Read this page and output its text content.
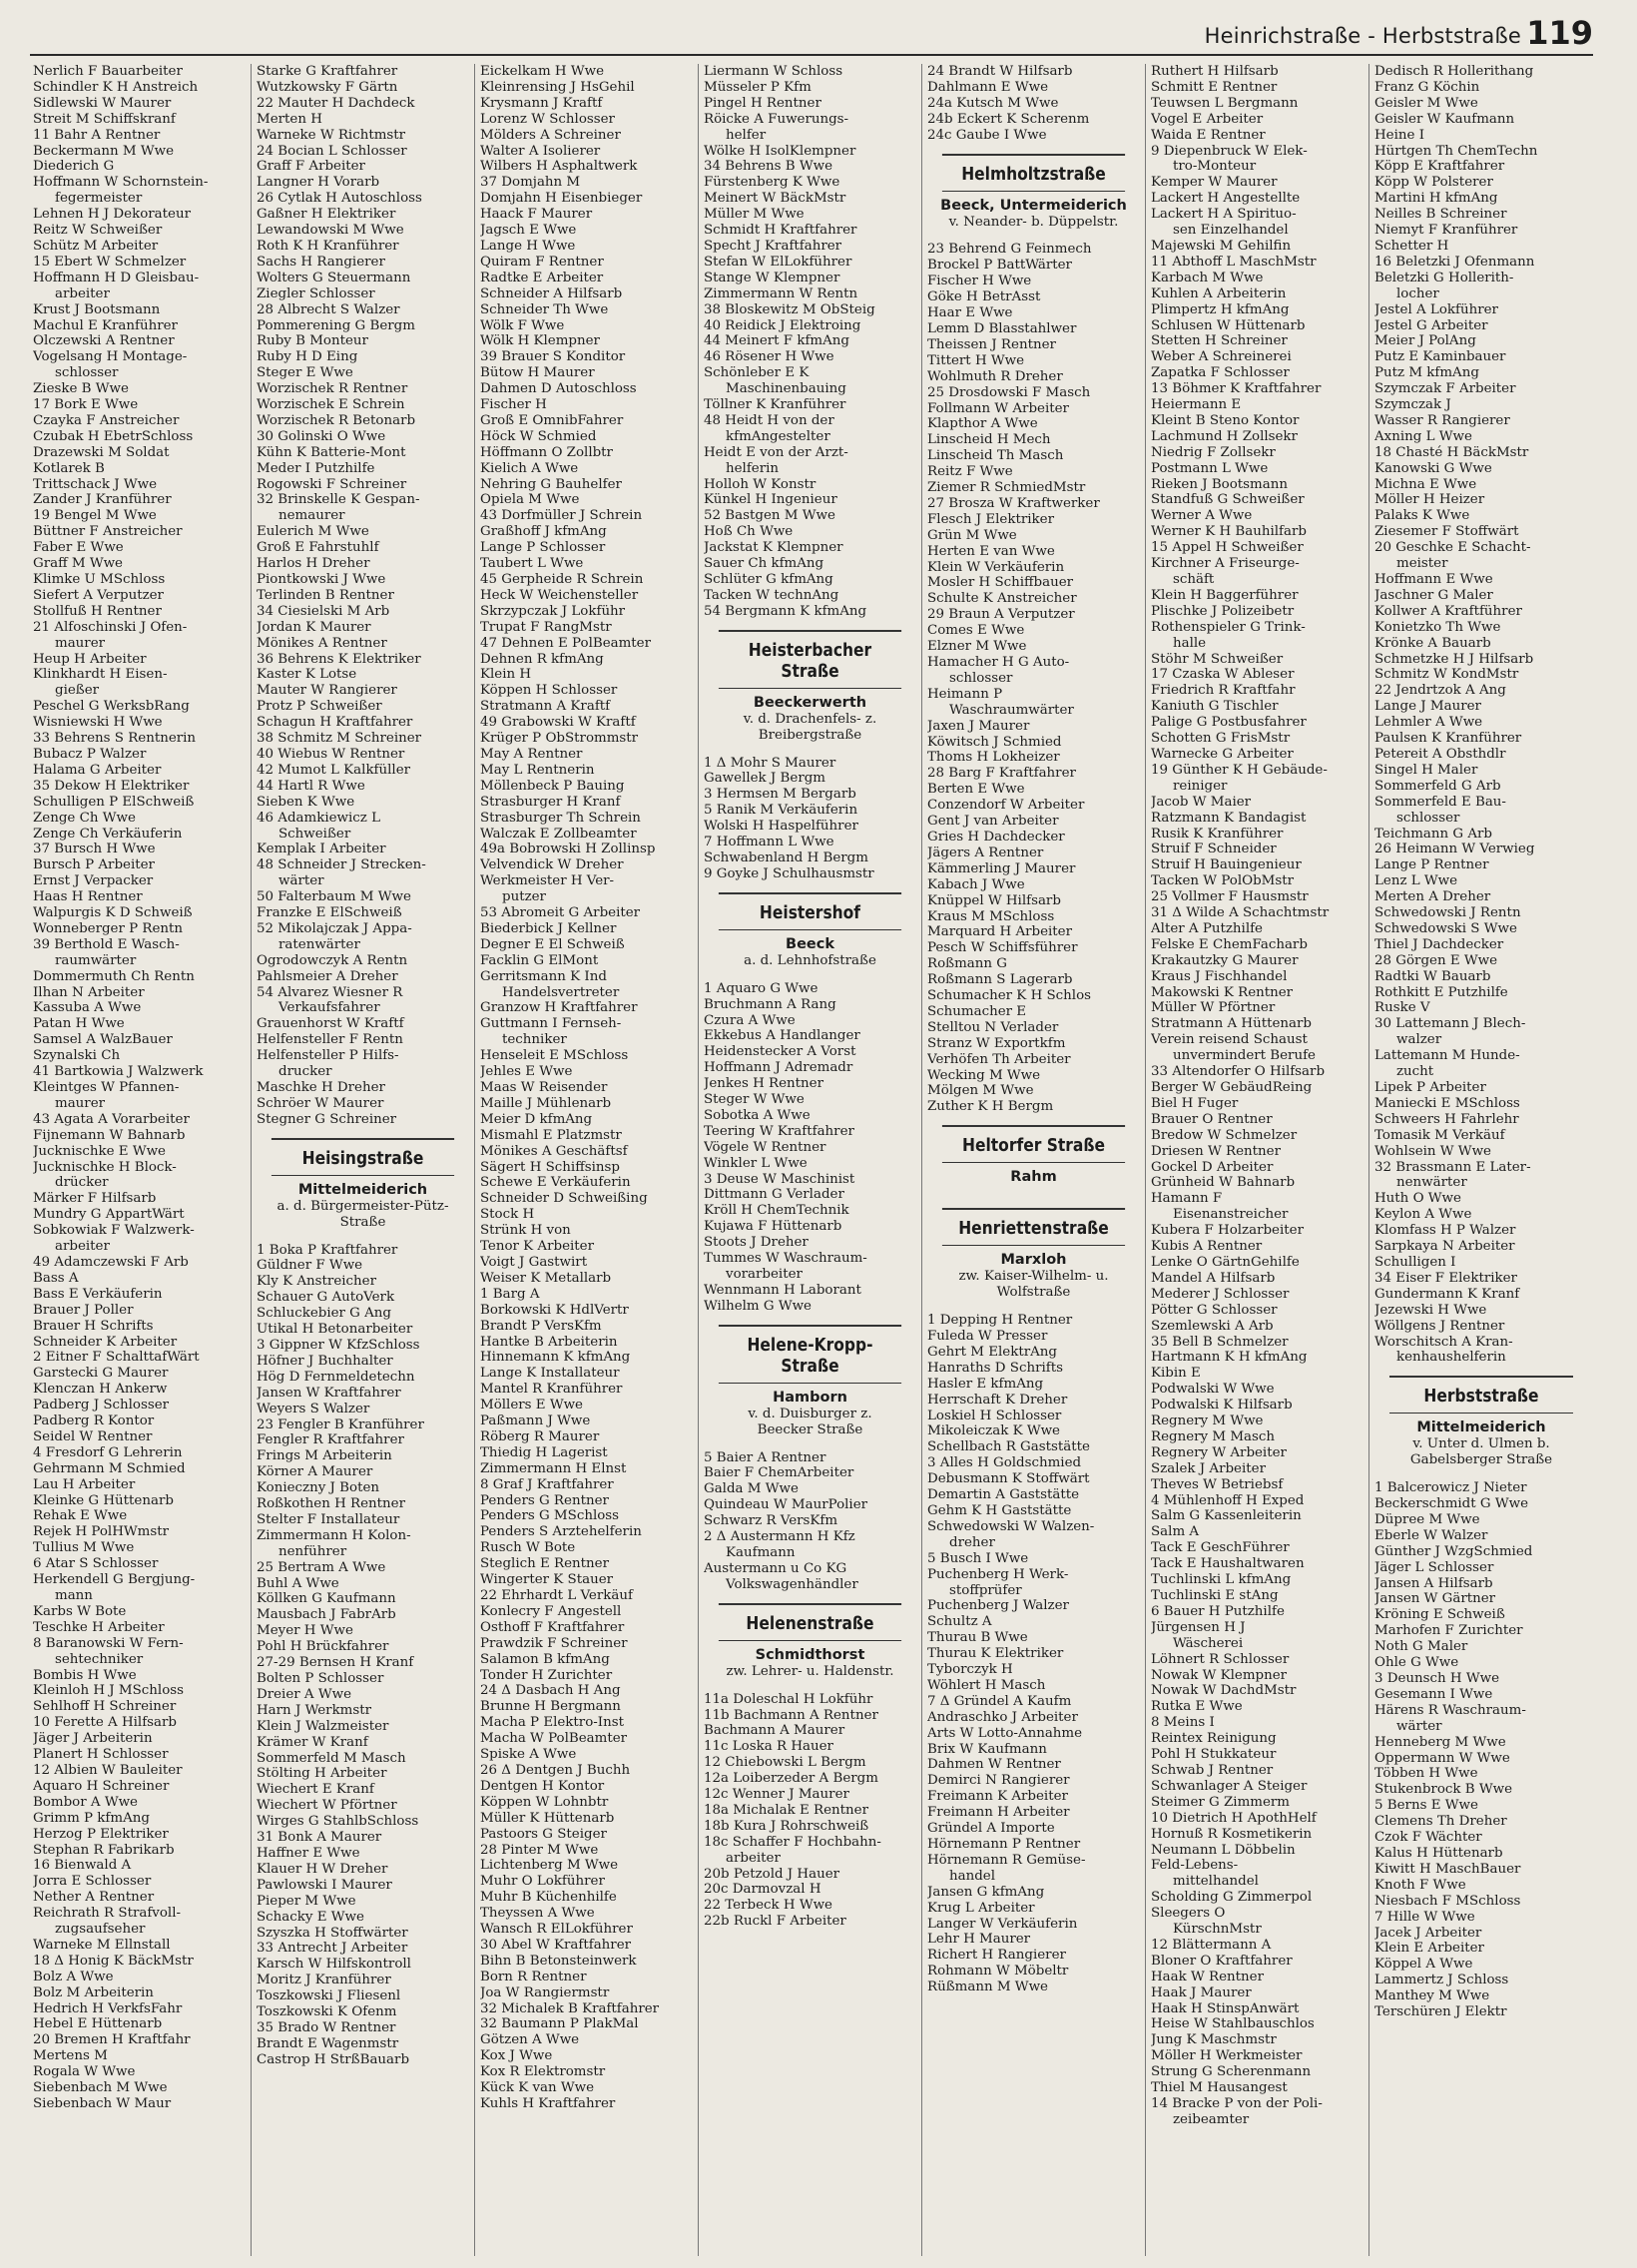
Heinrichstraße - Herbststraße 119
Nerlich F Bauarbeiter
Schindler K H Anstreich
Sidlewski W Maurer
Streit M Schiffskranf
11 Bahr A Rentner
Beckermann M Wwe
Diederich G
Hoffmann W Schornstein-
fegermeister
Lehnen H J Dekorateur
Reitz W Schweißer
Schütz M Arbeiter
15 Ebert W Schmelzer
Hoffmann H D Gleisbau-
arbeiter
Krust J Bootsmann
Machul E Kranführer
Olczewski A Rentner
Vogelsang H Montage-
schlosser
Zieske B Wwe
17 Bork E Wwe
Czayka F Anstreicher
Czubak H EbetrSchloss
Drazewski M Soldat
Kotlarek B
Trittschack J Wwe
Zander J Kranführer
19 Bengel M Wwe
Büttner F Anstreicher
Faber E Wwe
Graff M Wwe
Klimke U MSchloss
Siefert A Verputzer
Stollfuß H Rentner
21 Alfoschinski J Ofen-
maurer
Heup H Arbeiter
Klinkhardt H Eisen-
gießer
Peschel G WerksbRang
Wisniewski H Wwe
33 Behrens S Rentnerin
Bubacz P Walzer
Halama G Arbeiter
35 Dekow H Elektriker
Schulligen P ElSchweiß
Zenge Ch Wwe
Zenge Ch Verkäuferin
37 Bursch H Wwe
Bursch P Arbeiter
Ernst J Verpacker
Haas H Rentner
Walpurgis K D Schweiß
Wonneberger P Rentn
39 Berthold E Wasch-
raumwärter
Dommermuth Ch Rentn
Ilhan N Arbeiter
Kassuba A Wwe
Patan H Wwe
Samsel A WalzBauer
Szynalski Ch
41 Bartkowia J Walzwerk
Kleintges W Pfannen-
maurer
43 Agata A Vorarbeiter
Fijnemann W Bahnarb
Jucknischke E Wwe
Jucknischke H Block-
drücker
Märker F Hilfsarb
Mundry G AppartWärt
Sobkowiak F Walzwerk-
arbeiter
49 Adamczewski F Arb
Bass A
Bass E Verkäuferin
Brauer J Poller
Brauer H Schrifts
Schneider K Arbeiter
2 Eitner F SchalttafWärt
Garstecki G Maurer
Klenczan H Ankerw
Padberg J Schlosser
Padberg R Kontor
Seidel W Rentner
4 Fresdorf G Lehrerin
Gehrmann M Schmied
Lau H Arbeiter
Kleinke G Hüttenarb
Rehak E Wwe
Rejek H PolHWmstr
Tullius M Wwe
6 Atar S Schlosser
Herkendell G Bergjung-
mann
Karbs W Bote
Teschke H Arbeiter
8 Baranowski W Fern-
sehtechniker
Bombis H Wwe
Kleinloh H J MSchloss
Sehlhoff H Schreiner
10 Ferette A Hilfsarb
Jäger J Arbeiterin
Planert H Schlosser
12 Albien W Bauleiter
Aquaro H Schreiner
Bombor A Wwe
Grimm P kfmAng
Herzog P Elektriker
Stephan R Fabrikarb
16 Bienwald A
Jorra E Schlosser
Nether A Rentner
Reichrath R Strafvoll-
zugsaufseher
Warneke M Ellnstall
18 Δ Honig K BäckMstr
Bolz A Wwe
Bolz M Arbeiterin
Hedrich H VerkfsFahr
Hebel E Hüttenarb
20 Bremen H Kraftfahr
Mertens M
Rogala W Wwe
Siebenbach M Wwe
Siebenbach W Maur
Starke G Kraftfahrer
Wutzkowsky F Gärtn
22 Mauter H Dachdeck
Merten H
Warneke W Richtmstr
24 Bocian L Schlosser
Graff F Arbeiter
Langner H Vorarb
26 Cytlak H Autoschloss
Gaßner H Elektriker
Lewandowski M Wwe
Roth K H Kranführer
Sachs H Rangierer
Wolters G Steuermann
Ziegler Schlosser
28 Albrecht S Walzer
Pommerening G Bergm
Ruby B Monteur
Ruby H D Eing
Steger E Wwe
Worzischek R Rentner
Worzischek E Schrein
Worzischek R Betonarb
30 Golinski O Wwe
Kühn K Batterie-Mont
Meder I Putzhilfe
Rogowski F Schreiner
32 Brinskelle K Gespan-
nemaurer
Eulerich M Wwe
Groß E Fahrstuhlf
Harlos H Dreher
Piontkowski J Wwe
Terlinden B Rentner
34 Ciesielski M Arb
Jordan K Maurer
Mönikes A Rentner
36 Behrens K Elektriker
Kaster K Lotse
Mauter W Rangierer
Protz P Schweißer
Schagun H Kraftfahrer
38 Schmitz M Schreiner
40 Wiebus W Rentner
42 Mumot L Kalkfüller
44 Hartl R Wwe
Sieben K Wwe
46 Adamkiewicz L
Schweißer
Kemplak I Arbeiter
48 Schneider J Strecken-
wärter
50 Falterbaum M Wwe
Franzke E ElSchweiß
52 Mikolajczak J Appa-
ratenwärter
Ogrodowczyk A Rentn
Pahlsmeier A Dreher
54 Alvarez Wiesner R
Verkaufsfahrer
Grauenhorst W Kraftf
Helfensteller F Rentn
Helfensteller P Hilfs-
drucker
Maschke H Dreher
Schröer W Maurer
Stegner G Schreiner
Heisingstraße
Mittelmeiderich
a. d. Bürgermeister-Pütz-
Straße
1 Boka P Kraftfahrer
Güldner F Wwe
Kly K Anstreicher
Schauer G AutoVerk
Schluckebier G Ang
Utikal H Betonarbeiter
3 Gippner W KfzSchloss
Höfner J Buchhalter
Hög D Fernmeldetechn
Jansen W Kraftfahrer
Weyers S Walzer
23 Fengler B Kranführer
Fengler R Kraftfahrer
Frings M Arbeiterin
Körner A Maurer
Konieczny J Boten
Roßkothen H Rentner
Stelter F Installateur
Zimmermann H Kolon-
nenführer
25 Bertram A Wwe
Buhl A Wwe
Köllken G Kaufmann
Mausbach J FabrArb
Meyer H Wwe
Pohl H Brückfahrer
27-29 Bernsen H Kranf
Bolten P Schlosser
Dreier A Wwe
Harn J Werkmstr
Klein J Walzmeister
Krämer W Kranf
Sommerfeld M Masch
Stölting H Arbeiter
Wiechert E Kranf
Wiechert W Pförtner
Wirges G StahlbSchloss
31 Bonk A Maurer
Haffner E Wwe
Klauer H W Dreher
Pawlowski I Maurer
Pieper M Wwe
Schacky E Wwe
Szyszka H Stoffwärter
33 Antrecht J Arbeiter
Karsch W Hilfskontroll
Moritz J Kranführer
Toszkowski J Fliesenl
Toszkowski K Ofenm
35 Brado W Rentner
Brandt E Wagenmstr
Castrop H StrßBauarb
Eickelkam H Wwe
Kleinrensing J HsGehil
Krysmann J Kraftf
Lorenz W Schlosser
Mölders A Schreiner
Walter A Isolierer
Wilbers H Asphaltwerk
37 Domjahn M
Domjahn H Eisenbieger
Haack F Maurer
Jagsch E Wwe
Lange H Wwe
Quiram F Rentner
Radtke E Arbeiter
Schneider A Hilfsarb
Schneider Th Wwe
Wölk F Wwe
Wölk H Klempner
39 Brauer S Konditor
Bütow H Maurer
Dahmen D Autoschloss
Fischer H
Groß E OmnibFahrer
Höck W Schmied
Höffmann O Zollbtr
Kielich A Wwe
Nehring G Bauhelfer
Opiela M Wwe
43 Dorfmüller J Schrein
Graßhoff J kfmAng
Lange P Schlosser
Taubert L Wwe
45 Gerpheide R Schrein
Heck W Weichensteller
Skrzypczak J Lokführ
Trupat F RangMstr
47 Dehnen E PolBeamter
Dehnen R kfmAng
Klein H
Köppen H Schlosser
Stratmann A Kraftf
49 Grabowski W Kraftf
Krüger P ObStrommstr
May A Rentner
May L Rentnerin
Möllenbeck P Bauing
Strasburger H Kranf
Strasburger Th Schrein
Walczak E Zollbeamter
49a Bobrowski H Zollinsp
Velvendick W Dreher
Werkmeister H Ver-
putzer
53 Abromeit G Arbeiter
Biederbick J Kellner
Degner E El Schweiß
Facklin G ElMont
Gerritsmann K Ind
Handelsvertreter
Granzow H Kraftfahrer
Guttmann I Fernseh-
techniker
Henseleit E MSchloss
Jehles E Wwe
Maas W Reisender
Maille J Mühlenarb
Meier D kfmAng
Mismahl E Platzmstr
Mönikes A Geschäftsf
Sägert H Schiffsinsp
Schewe E Verkäuferin
Schneider D Schweißing
Stock H
Strünk H von
Tenor K Arbeiter
Voigt J Gastwirt
Weiser K Metallarb
1 Barg A
Borkowski K HdlVertr
Brandt P VersKfm
Hantke B Arbeiterin
Hinnemann K kfmAng
Lange K Installateur
Mantel R Kranführer
Möllers E Wwe
Paßmann J Wwe
Röberg R Maurer
Thiedig H Lagerist
Zimmermann H Elnst
8 Graf J Kraftfahrer
Penders G Rentner
Penders G MSchloss
Penders S Arztehelferin
Rusch W Bote
Steglich E Rentner
Wingerter K Stauer
22 Ehrhardt L Verkäuf
Konlecry F Angestell
Osthoff F Kraftfahrer
Prawdzik F Schreiner
Salamon B kfmAng
Tonder H Zurichter
24 Δ Dasbach H Ang
Brunne H Bergmann
Macha P Elektro-Inst
Macha W PolBeamter
Spiske A Wwe
26 Δ Dentgen J Buchh
Dentgen H Kontor
Köppen W Lohnbtr
Müller K Hüttenarb
Pastoors G Steiger
28 Pinter M Wwe
Lichtenberg M Wwe
Muhr O Lokführer
Muhr B Küchenhilfe
Theyssen A Wwe
Wansch R ElLokführer
30 Abel W Kraftfahrer
Bihn B Betonsteinwerk
Born R Rentner
Joa W Rangiermstr
32 Michalek B Kraftfahrer
32 Baumann P PlakMal
Götzen A Wwe
Kox J Wwe
Kox R Elektromstr
Kück K van Wwe
Kuhls H Kraftfahrer
Liermann W Schloss
Müsseler P Kfm
Pingel H Rentner
Röicke A Fuwerungs-
helfer
Wölke H IsolKlempner
34 Behrens B Wwe
Fürstenberg K Wwe
Meinert W BäckMstr
Müller M Wwe
Schmidt H Kraftfahrer
Specht J Kraftfahrer
Stefan W ElLokführer
Stange W Klempner
Zimmermann W Rentn
38 Bloskewitz M ObSteig
40 Reidick J Elektroing
44 Meinert F kfmAng
46 Rösener H Wwe
Schönleber E K
Maschinenbauing
Töllner K Kranführer
48 Heidt H von der
kfmAngestelter
Heidt E von der Arzt-
helferin
Holloh W Konstr
Künkel H Ingenieur
52 Bastgen M Wwe
Hoß Ch Wwe
Jackstat K Klempner
Sauer Ch kfmAng
Schlüter G kfmAng
Tacken W technAng
54 Bergmann K kfmAng
Heisterbacher Straße
Beeckerwerth
v. d. Drachenfels- z.
Breibergstraße
1 Δ Mohr S Maurer
Gawellek J Bergm
3 Hermsen M Bergarb
5 Ranik M Verkäuferin
Wolski H Haspelführer
7 Hoffmann L Wwe
Schwabenland H Bergm
9 Goyke J Schulhausmstr
Heistershof
Beeck
a. d. Lehnhofstraße
1 Aquaro G Wwe
Bruchmann A Rang
Czura A Wwe
Ekkebus A Handlanger
Heidenstecker A Vorst
Hoffmann J Adremadr
Jenkes H Rentner
Steger W Wwe
Sobotka A Wwe
Teering W Kraftfahrer
Vögele W Rentner
Winkler L Wwe
3 Deuse W Maschinist
Dittmann G Verlader
Kröll H ChemTechnik
Kujawa F Hüttenarb
Stoots J Dreher
Tummes W Waschraum-
vorarbeiter
Wennmann H Laborant
Wilhelm G Wwe
Helene-Kropp-Straße
Hamborn
v. d. Duisburger z.
Beecker Straße
5 Baier A Rentner
Baier F ChemArbeiter
Galda M Wwe
Quindeau W MaurPolier
Schwarz R VersKfm
2 Δ Austermann H Kfz
Kaufmann
Austermann u Co KG
Volkswagenhändler
Helenenstraße
Schmidthorst
zw. Lehrer- u. Haldenstr.
11a Doleschal H Lokführ
11b Bachmann A Rentner
Bachmann A Maurer
11c Loska R Hauer
12 Chiebowski L Bergm
12a Loiberzeder A Bergm
12c Wenner J Maurer
18a Michalak E Rentner
18b Kura J Rohrschweiß
18c Schaffer F Hochbahn-
arbeiter
20b Petzold J Hauer
20c Darmovzal H
22 Terbeck H Wwe
22b Ruckl F Arbeiter
24 Brandt W Hilfsarb
Dahlmann E Wwe
24a Kutsch M Wwe
24b Eckert K Scherenm
24c Gaube I Wwe
Helmholtzstraße
Beeck, Untermeiderich
v. Neander- b. Düppelstr.
23 Behrend G Feinmech
Brockel P BattWärter
Fischer H Wwe
Göke H BetrAsst
Haar E Wwe
Lemm D Blasstahlwer
Theissen J Rentner
Tittert H Wwe
Wohlmuth R Dreher
25 Drosdowski F Masch
Follmann W Arbeiter
Klapthor A Wwe
Linscheid H Mech
Linscheid Th Masch
Reitz F Wwe
Ziemer R SchmiedMstr
27 Brosza W Kraftwerker
Flesch J Elektriker
Grün M Wwe
Herten E van Wwe
Klein W Verkäuferin
Mosler H Schiffbauer
Schulte K Anstreicher
29 Braun A Verputzer
Comes E Wwe
Elzner M Wwe
Hamacher H G Auto-
schlosser
Heimann P
Waschraumwärter
Jaxen J Maurer
Köwitsch J Schmied
Thoms H Lokheizer
28 Barg F Kraftfahrer
Berten E Wwe
Conzendorf W Arbeiter
Gent J van Arbeiter
Gries H Dachdecker
Jägers A Rentner
Kämmerling J Maurer
Kabach J Wwe
Knüppel W Hilfsarb
Kraus M MSchloss
Marquard H Arbeiter
Pesch W Schiffsführer
Roßmann G
Roßmann S Lagerarb
Schumacher K H Schlos
Schumacher E
Stelltou N Verlader
Stranz W Exportkfm
Verhöfen Th Arbeiter
Wecking M Wwe
Mölgen M Wwe
Zuther K H Bergm
Heltorfer Straße
Rahm
Henriettenstraße
Marxloh
zw. Kaiser-Wilhelm- u.
Wolfstraße
1 Depping H Rentner
Fuleda W Presser
Gehrt M ElektrAng
Hanraths D Schrifts
Hasler E kfmAng
Herrschaft K Dreher
Loskiel H Schlosser
Mikoleiczak K Wwe
Schellbach R Gaststätte
3 Alles H Goldschmied
Debusmann K Stoffwärt
Demartin A Gaststätte
Gehm K H Gaststätte
Schwedowski W Walzen-
dreher
5 Busch I Wwe
Puchenberg H Werk-
stoffprüfer
Puchenberg J Walzer
Schultz A
Thurau B Wwe
Thurau K Elektriker
Tyborczyk H
Wöhlert H Masch
7 Δ Gründel A Kaufm
Andraschko J Arbeiter
Arts W Lotto-Annahme
Brix W Kaufmann
Dahmen W Rentner
Demirci N Rangierer
Freimann K Arbeiter
Freimann H Arbeiter
Gründel A Importe
Hörnemann P Rentner
Hörnemann R Gemüse-
handel
Jansen G kfmAng
Krug L Arbeiter
Langer W Verkäuferin
Lehr H Maurer
Richert H Rangierer
Rohmann W Möbeltr
Rüßmann M Wwe
Ruthert H Hilfsarb
Schmitt E Rentner
Teuwsen L Bergmann
Vogel E Arbeiter
Waida E Rentner
9 Diepenbruck W Elek-
tro-Monteur
Kemper W Maurer
Lackert H Angestellte
Lackert H A Spirituo-
sen Einzelhandel
Majewski M Gehilfin
11 Abthoff L MaschMstr
Karbach M Wwe
Kuhlen A Arbeiterin
Plimpertz H kfmAng
Schlusen W Hüttenarb
Stetten H Schreiner
Weber A Schreinerei
Zapatka F Schlosser
13 Böhmer K Kraftfahrer
Heiermann E
Kleint B Steno Kontor
Lachmund H Zollsekr
Niedrig F Zollsekr
Postmann L Wwe
Rieken J Bootsmann
Standfuß G Schweißer
Werner A Wwe
Werner K H Bauhilfarb
15 Appel H Schweißer
Kirchner A Friseurge-
schäft
Klein H Baggerführer
Plischke J Polizeibetr
Rothenspieler G Trink-
halle
Stöhr M Schweißer
17 Czaska W Ableser
Friedrich R Kraftfahr
Kaniuth G Tischler
Palige G Postbusfahrer
Schotten G FrisMstr
Warnecke G Arbeiter
19 Günther K H Gebäude-
reiniger
Jacob W Maier
Ratzmann K Bandagist
Rusik K Kranführer
Struif F Schneider
Struif H Bauingenieur
Tacken W PolObMstr
25 Vollmer F Hausmstr
31 Δ Wilde A Schachtmstr
Alter A Putzhilfe
Felske E ChemFacharb
Krakautzky G Maurer
Kraus J Fischhandel
Makowski K Rentner
Müller W Pförtner
Stratmann A Hüttenarb
Verein reisend Schaust
unvermindert Berufe
33 Altendorfer O Hilfsarb
Berger W GebäudReing
Biel H Fuger
Brauer O Rentner
Bredow W Schmelzer
Driesen W Rentner
Gockel D Arbeiter
Grünheid W Bahnarb
Hamann F
Eisenanstreicher
Kubera F Holzarbeiter
Kubis A Rentner
Lenke O GärtnGehilfe
Mandel A Hilfsarb
Mederer J Schlosser
Pötter G Schlosser
Szemlewski A Arb
35 Bell B Schmelzer
Hartmann K H kfmAng
Kibin E
Podwalski W Wwe
Podwalski K Hilfsarb
Regnery M Wwe
Regnery M Masch
Regnery W Arbeiter
Szalek J Arbeiter
Theves W Betriebsf
4 Mühlenhoff H Exped
Salm G Kassenleiterin
Salm A
Tack E GeschFührer
Tack E Haushaltwaren
Tuchlinski L kfmAng
Tuchlinski E stAng
6 Bauer H Putzhilfe
Jürgensen H J
Wäscherei
Löhnert R Schlosser
Nowak W Klempner
Nowak W DachdMstr
Rutka E Wwe
8 Meins I
Reintex Reinigung
Pohl H Stukkateur
Schwab J Rentner
Schwanlager A Steiger
Steimer G Zimmerm
10 Dietrich H ApothHelf
Hornuß R Kosmetikerin
Neumann L Döbbelin
Feld-Lebens-
mittelhandel
Scholding G Zimmerpol
Sleegers O
KürschnMstr
12 Blättermann A
Bloner O Kraftfahrer
Haak W Rentner
Haak J Maurer
Haak H StinspAnwärt
Heise W Stahlbauschlos
Jung K Maschmstr
Möller H Werkmeister
Strung G Scherenmann
Thiel M Hausangest
14 Bracke P von der Poli-
zeibeamter
Dedisch R Hollerithang
Franz G Köchin
Geisler M Wwe
Geisler W Kaufmann
Heine I
Hürtgen Th ChemTechn
Köpp E Kraftfahrer
Köpp W Polsterer
Martini H kfmAng
Neilles B Schreiner
Niemyt F Kranführer
Schetter H
16 Beletzki J Ofenmann
Beletzki G Hollerith-
locher
Jestel A Lokführer
Jestel G Arbeiter
Meier J PolAng
Putz E Kaminbauer
Putz M kfmAng
Szymczak F Arbeiter
Szymczak J
Wasser R Rangierer
Axning L Wwe
18 Chasté H BäckMstr
Kanowski G Wwe
Michna E Wwe
Möller H Heizer
Palaks K Wwe
Ziesemer F Stoffwärt
20 Geschke E Schacht-
meister
Hoffmann E Wwe
Jaschner G Maler
Kollwer A Kraftführer
Konietzko Th Wwe
Krönke A Bauarb
Schmetzke H J Hilfsarb
Schmitz W KondMstr
22 Jendrtzok A Ang
Lange J Maurer
Lehmler A Wwe
Paulsen K Kranführer
Petereit A Obsthdlr
Singel H Maler
Sommerfeld G Arb
Sommerfeld E Bau-
schlosser
Teichmann G Arb
26 Heimann W Verwieg
Lange P Rentner
Lenz L Wwe
Merten A Dreher
Schwedowski J Rentn
Schwedowski S Wwe
Thiel J Dachdecker
28 Görgen E Wwe
Radtki W Bauarb
Rothkitt E Putzhilfe
Ruske V
30 Lattemann J Blech-
walzer
Lattemann M Hunde-
zucht
Lipek P Arbeiter
Maniecki E MSchloss
Schweers H Fahrlehr
Tomasik M Verkäuf
Wohlsein W Wwe
32 Brassmann E Later-
nenwärter
Huth O Wwe
Keylon A Wwe
Klomfass H P Walzer
Sarpkaya N Arbeiter
Schulligen I
34 Eiser F Elektriker
Gundermann K Kranf
Jezewski H Wwe
Wöllgens J Rentner
Worschitsch A Kran-
kenhaushelferin
Herbststraße
Mittelmeiderich
v. Unter d. Ulmen b.
Gabelsberger Straße
1 Balcerowicz J Nieter
Beckerschmidt G Wwe
Düpree M Wwe
Eberle W Walzer
Günther J WzgSchmied
Jäger L Schlosser
Jansen A Hilfsarb
Jansen W Gärtner
Kröning E Schweiß
Marhofen F Zurichter
Noth G Maler
Ohle G Wwe
3 Deunsch H Wwe
Gesemann I Wwe
Härens R Waschraum-
wärter
Henneberg M Wwe
Oppermann W Wwe
Többen H Wwe
Stukenbrock B Wwe
5 Berns E Wwe
Clemens Th Dreher
Czok F Wächter
Kalus H Hüttenarb
Kiwitt H MaschBauer
Knoth F Wwe
Niesbach F MSchloss
7 Hille W Wwe
Jacek J Arbeiter
Klein E Arbeiter
Köppel A Wwe
Lammertz J Schloss
Manthey M Wwe
Terschüren J Elektr
